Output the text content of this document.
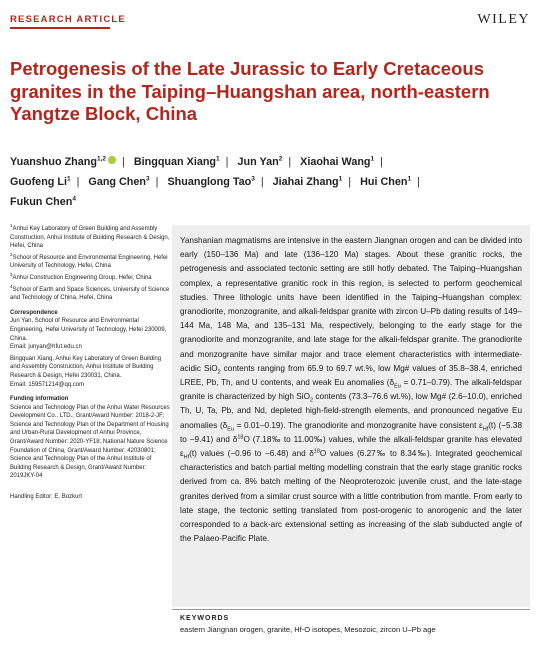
RESEARCH ARTICLE	WILEY
Petrogenesis of the Late Jurassic to Early Cretaceous granites in the Taiping–Huangshan area, north-eastern Yangtze Block, China
Yuanshuo Zhang$^{1,2}$ | Bingquan Xiang$^1$ | Jun Yan$^2$ | Xiaohai Wang$^1$ |
Guofeng Li$^1$ | Gang Chen$^3$ | Shuanglong Tao$^3$ | Jiahai Zhang$^1$ | Hui Chen$^1$ |
Fukun Chen$^4$

$^1$Anhui Key Laboratory of Green Building and Assembly Construction, Anhui Institute of Building Research & Design, Hefei, China

$^2$School of Resource and Environmental Engineering, Hefei University of Technology, Hefei, China

$^3$Anhui Construction Engineering Group, Hefei, China

$^4$School of Earth and Space Sciences, University of Science and Technology of China, Hefei, China

Correspondence

Jun Yan, School of Resource and Environmental Engineering, Hefei University of Technology, Hefei 230009, China.
Email: junyan@hfut.edu.cn

Bingquan Xiang, Anhui Key Laboratory of Green Building and Assembly Construction, Anhui Institute of Building Research & Design, Hefei 230031, China.
Email: 159571214@qq.com

Funding information

Science and Technology Plan of the Anhui Water Resources Development Co., LTD., Grant/Award Number: 2018-2-JF; Science and Technology Plan of the Department of Housing and Urban-Rural Development of Anhui Province, Grant/Award Number: 2020-YF18; National Nature Science Foundation of China, Grant/Award Number: 42030801; Science and Technology Plan of the Anhui Institute of Building Research & Design, Grant/Award Number: 2019JKY-04

Handling Editor: E. Bozkurt

Yanshanian magmatisms are intensive in the eastern Jiangnan orogen and can be divided into early (150–136 Ma) and late (136–120 Ma) stages. About these granitic rocks, the petrogenesis and associated tectonic setting are still hotly debated. The Taiping–Huangshan complex, a representative granitic rock in this region, is selected to perform geochemical studies. Three lithologic units have been identified in the Taiping–Huangshan complex: granodiorite, monzogranite, and alkali-feldspar granite with zircon U–Pb dating results of 149–144 Ma, 148 Ma, and 135–131 Ma, respectively, belonging to the early stage for the granodiorite and monzogranite, and late stage for the alkali-feldspar granite. The granodiorite and monzogranite have similar major and trace element characteristics with intermediate-acidic SiO$_2$ contents ranging from 65.9 to 69.7 wt.%, low Mg# values of 35.8–38.4, enriched LREE, Pb, Th, and U contents, and weak Eu anomalies $(\delta_{Eu} = 0.71-0.79)$. The alkali-feldspar granite is characterized by high SiO$_2$ contents (73.3–76.6 wt.%), low Mg# (2.6–10.0), enriched Th, U, Ta, Pb, and Nd, depleted high-field-strength elements, and pronounced negative Eu anomalies $(\delta_{Eu} = 0.01-0.19)$. The granodiorite and monzogranite have consistent $\varepsilon_{Hf}(t)$ (−5.38 to −9.41) and $\delta^{18}O$ (7.18‰ to 11.00‰) values, while the alkali-feldspar granite has elevated $\varepsilon_{Hf}(t)$ values (−0.96 to −6.48) and $\delta^{18}O$ values (6.27‰ to 8.34‰). Integrated geochemical characteristics and batch partial melting modelling constrain that the early stage granitic rocks derived from ca. 8% batch melting of the Neoproterozoic juvenile crust, and the late-stage granites derived from a similar crust source with a little contribution from mantle. From early to late stage, the tectonic setting translated from post-orogenic to anorogenic and the later corresponded to a back-arc extensional setting as increasing of the slab subducted angle of the Palaeo-Pacific Plate.

KEYWORDS
eastern Jiangnan orogen, granite, Hf-O isotopes, Mesozoic, zircon U–Pb age
